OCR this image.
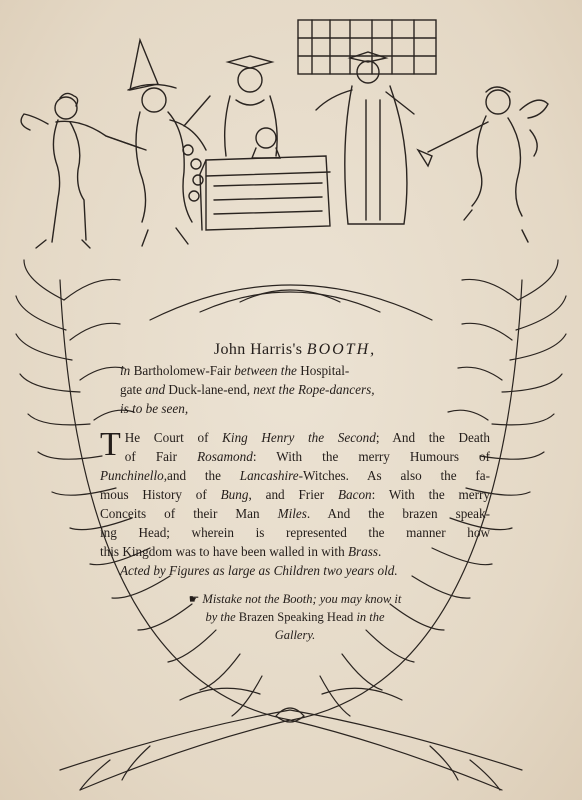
John Harris's BOOTH,
in Bartholomew-Fair between the Hospital-
gate and Duck-lane-end, next the Rope-dancers,
is to be seen,
T He Court of King Henry the Second; And the Death
of Fair Rosamond: With the merry Humours of
Punchinello,and the Lancashire-Witches. As also the fa-
mous History of Bung, and Frier Bacon: With the merry
Conceits of their Man Miles. And the brazen speak-
ing Head; wherein is represented the manner how
this Kingdom was to have been walled in with Brass.
Acted by Figures as large as Children two years old.
☛ Mistake not the Booth; you may know it
by the Brazen Speaking Head in the
Gallery.
